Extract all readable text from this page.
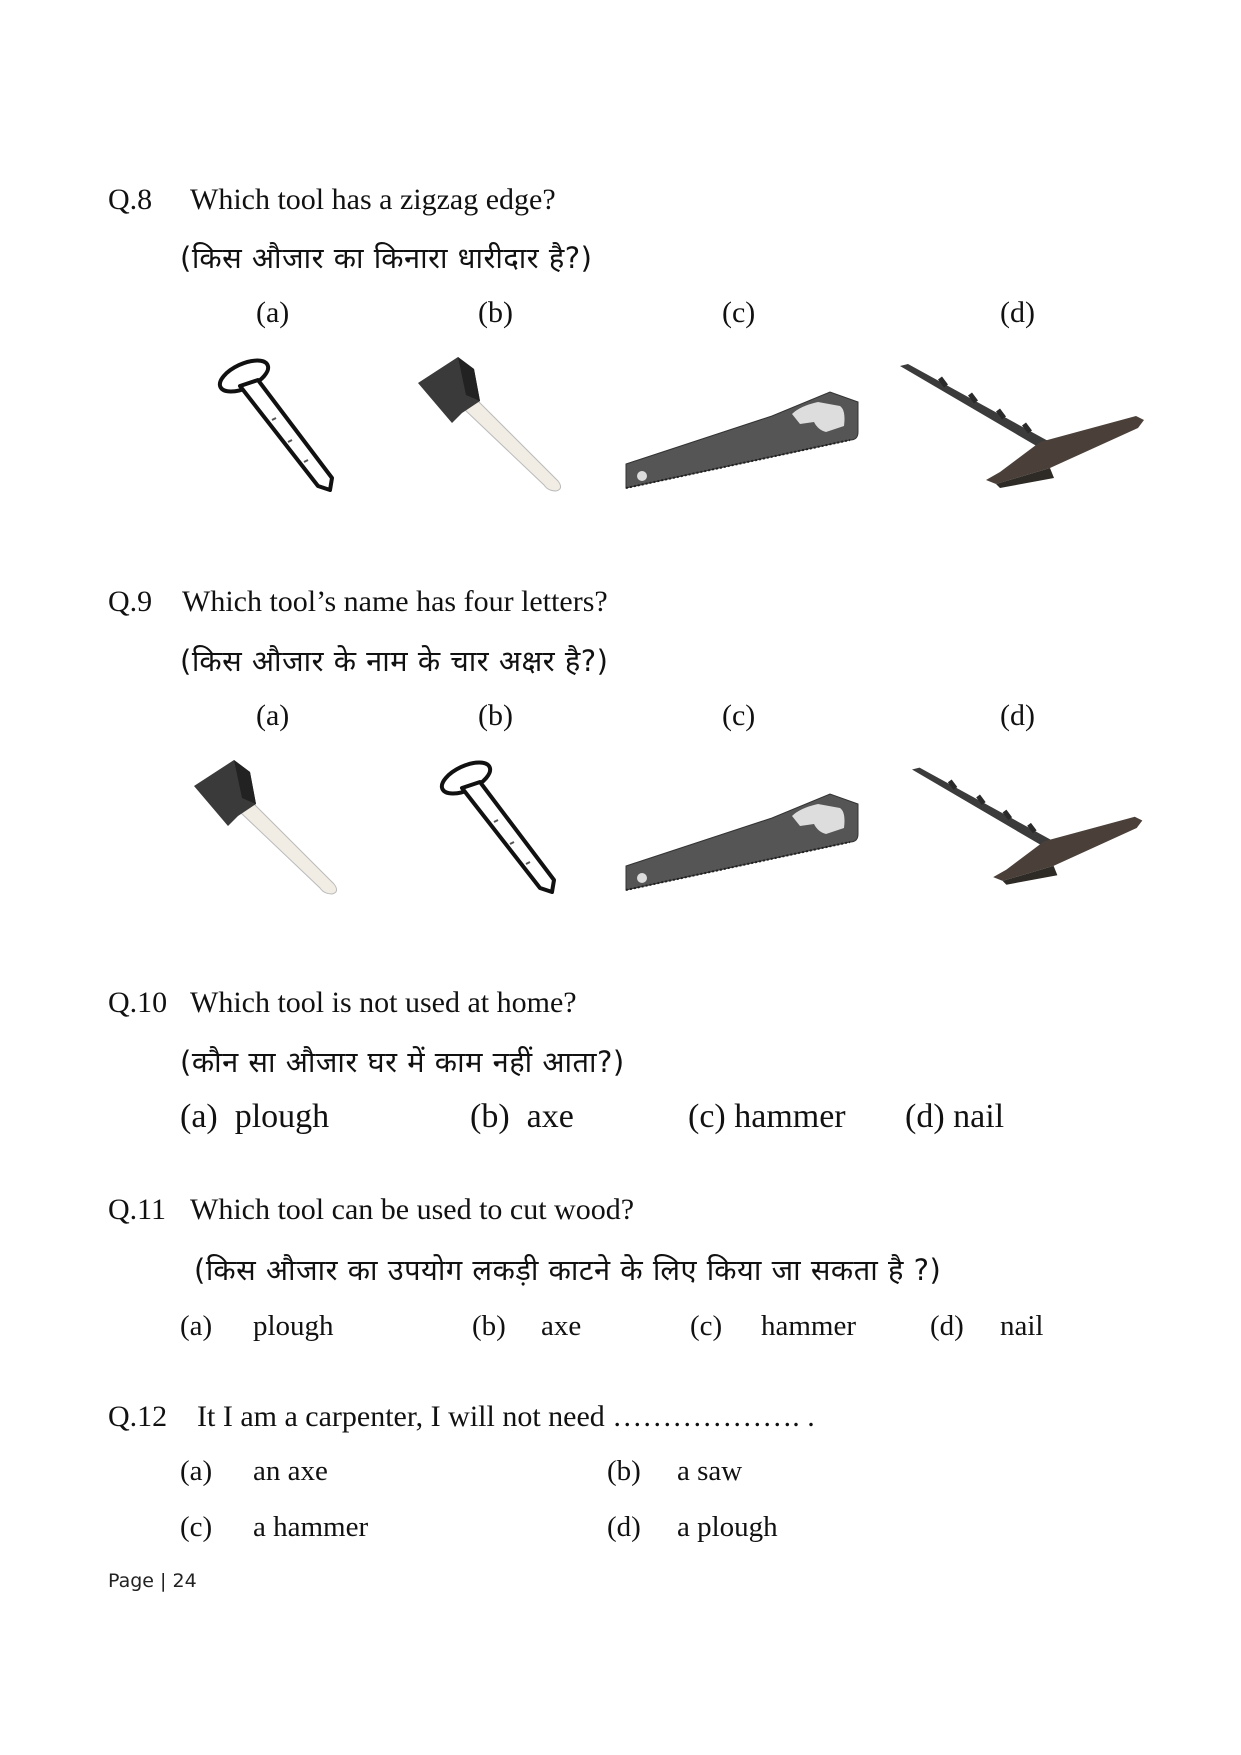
Q.8 Which tool has a zigzag edge?
(किस औजार का किनारा धारीदार है?)
(a)	(b)	(c)	(d)
Q.9 Which tool’s name has four letters?
(किस औजार के नाम के चार अक्षर है?)
(a)	(b)	(c)	(d)
Q.10 Which tool is not used at home?
(कौन सा औजार घर में काम नहीं आता?)
(a)  plough	(b)  axe	(c) hammer (d) nail
Q.11 Which tool can be used to cut wood?
(किस औजार का उपयोग लकड़ी काटने के लिए किया जा सकता है ?)
(a) plough	(b) axe	(c) hammer	(d) nail
Q.12 It I am a carpenter, I will not need ………………. .
(a) an axe	(b) a saw
(c) a hammer	(d) a plough
Page | 24
